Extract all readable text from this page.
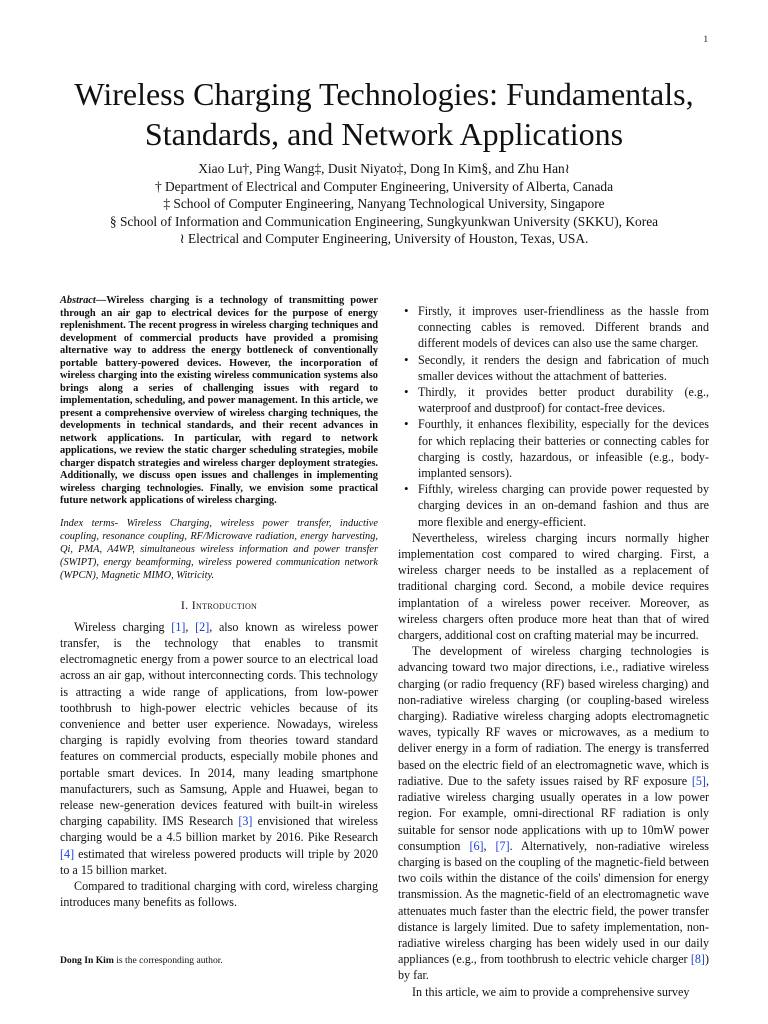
1
Wireless Charging Technologies: Fundamentals,
Standards, and Network Applications
Xiao Lu†, Ping Wang‡, Dusit Niyato‡, Dong In Kim§, and Zhu Han≀
† Department of Electrical and Computer Engineering, University of Alberta, Canada
‡ School of Computer Engineering, Nanyang Technological University, Singapore
§ School of Information and Communication Engineering, Sungkyunkwan University (SKKU), Korea
≀ Electrical and Computer Engineering, University of Houston, Texas, USA.

Abstract—Wireless charging is a technology of transmitting power through an air gap to electrical devices for the purpose of energy replenishment. The recent progress in wireless charging techniques and development of commercial products have provided a promising alternative way to address the energy bottleneck of conventionally portable battery-powered devices. However, the incorporation of wireless charging into the existing wireless communication systems also brings along a series of challenging issues with regard to implementation, scheduling, and power management. In this article, we present a comprehensive overview of wireless charging techniques, the developments in technical standards, and their recent advances in network applications. In particular, with regard to network applications, we review the static charger scheduling strategies, mobile charger dispatch strategies and wireless charger deployment strategies. Additionally, we discuss open issues and challenges in implementing wireless charging technologies. Finally, we envision some practical future network applications of wireless charging.

Index terms- Wireless Charging, wireless power transfer, inductive coupling, resonance coupling, RF/Microwave radiation, energy harvesting, Qi, PMA, A4WP, simultaneous wireless information and power transfer (SWIPT), energy beamforming, wireless powered communication network (WPCN), Magnetic MIMO, Witricity.

I. Introduction

Wireless charging [1], [2], also known as wireless power transfer, is the technology that enables to transmit electromagnetic energy from a power source to an electrical load across an air gap, without interconnecting cords. This technology is attracting a wide range of applications, from low-power toothbrush to high-power electric vehicles because of its convenience and better user experience. Nowadays, wireless charging is rapidly evolving from theories toward standard features on commercial products, especially mobile phones and portable smart devices. In 2014, many leading smartphone manufacturers, such as Samsung, Apple and Huawei, began to release new-generation devices featured with built-in wireless charging capability. IMS Research [3] envisioned that wireless charging would be a 4.5 billion market by 2016. Pike Research [4] estimated that wireless powered products will triple by 2020 to a 15 billion market.

Compared to traditional charging with cord, wireless charging introduces many benefits as follows.

Dong In Kim is the corresponding author.
• Firstly, it improves user-friendliness as the hassle from connecting cables is removed. Different brands and different models of devices can also use the same charger.
• Secondly, it renders the design and fabrication of much smaller devices without the attachment of batteries.
• Thirdly, it provides better product durability (e.g., waterproof and dustproof) for contact-free devices.
• Fourthly, it enhances flexibility, especially for the devices for which replacing their batteries or connecting cables for charging is costly, hazardous, or infeasible (e.g., body-implanted sensors).
• Fifthly, wireless charging can provide power requested by charging devices in an on-demand fashion and thus are more flexible and energy-efficient.

Nevertheless, wireless charging incurs normally higher implementation cost compared to wired charging. First, a wireless charger needs to be installed as a replacement of traditional charging cord. Second, a mobile device requires implantation of a wireless power receiver. Moreover, as wireless chargers often produce more heat than that of wired chargers, additional cost on crafting material may be incurred.

The development of wireless charging technologies is advancing toward two major directions, i.e., radiative wireless charging (or radio frequency (RF) based wireless charging) and non-radiative wireless charging (or coupling-based wireless charging). Radiative wireless charging adopts electromagnetic waves, typically RF waves or microwaves, as a medium to deliver energy in a form of radiation. The energy is transferred based on the electric field of an electromagnetic wave, which is radiative. Due to the safety issues raised by RF exposure [5], radiative wireless charging usually operates in a low power region. For example, omni-directional RF radiation is only suitable for sensor node applications with up to 10mW power consumption [6], [7]. Alternatively, non-radiative wireless charging is based on the coupling of the magnetic-field between two coils within the distance of the coils' dimension for energy transmission. As the magnetic-field of an electromagnetic wave attenuates much faster than the electric field, the power transfer distance is largely limited. Due to safety implementation, non-radiative wireless charging has been widely used in our daily appliances (e.g., from toothbrush to electric vehicle charger [8]) by far.

In this article, we aim to provide a comprehensive survey
